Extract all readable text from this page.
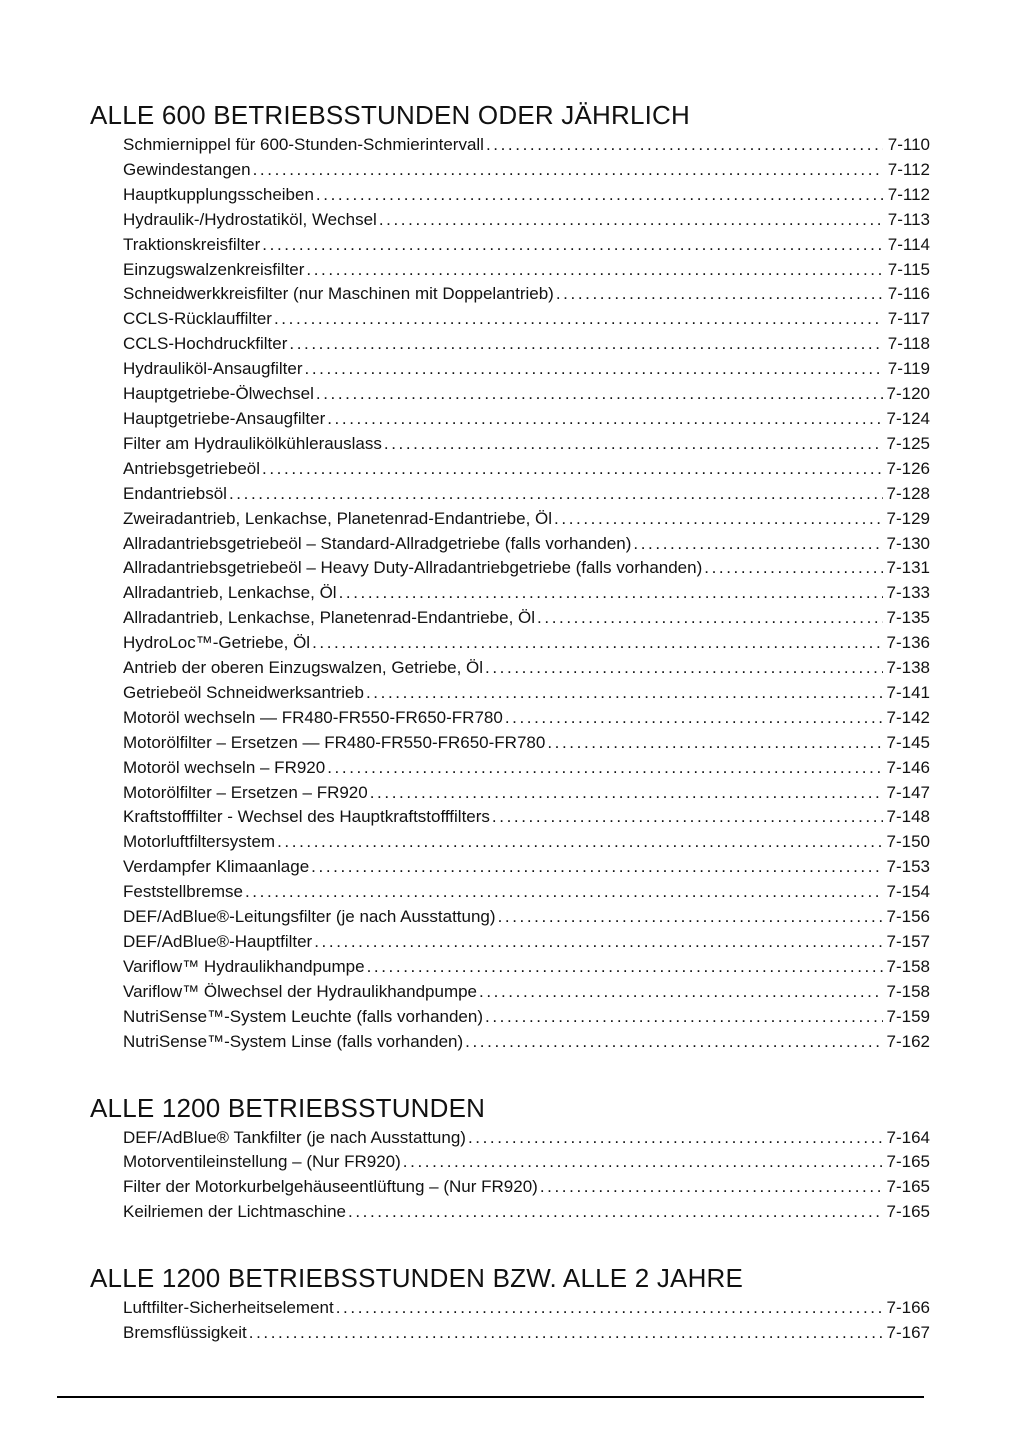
ALLE 600 BETRIEBSSTUNDEN ODER JÄHRLICH
Schmiernippel für 600-Stunden-Schmierintervall .....	7-110
Gewindestangen .....	7-112
Hauptkupplungsscheiben .....	7-112
Hydraulik-/Hydrostatiköl, Wechsel .....	7-113
Traktionskreisfilter .....	7-114
Einzugswalzenkreisfilter .....	7-115
Schneidwerkkreisfilter (nur Maschinen mit Doppelantrieb) .....	7-116
CCLS-Rücklauffilter .....	7-117
CCLS-Hochdruckfilter .....	7-118
Hydrauliköl-Ansaugfilter .....	7-119
Hauptgetriebe-Ölwechsel .....	7-120
Hauptgetriebe-Ansaugfilter .....	7-124
Filter am Hydraulikölkühlerauslass .....	7-125
Antriebsgetriebeöl .....	7-126
Endantriebsöl .....	7-128
Zweiradantrieb, Lenkachse, Planetenrad-Endantriebe, Öl .....	7-129
Allradantriebsgetriebeöl – Standard-Allradgetriebe (falls vorhanden) .....	7-130
Allradantriebsgetriebeöl – Heavy Duty-Allradantriebgetriebe (falls vorhanden) .....	7-131
Allradantrieb, Lenkachse, Öl .....	7-133
Allradantrieb, Lenkachse, Planetenrad-Endantriebe, Öl .....	7-135
HydroLoc™-Getriebe, Öl .....	7-136
Antrieb der oberen Einzugswalzen, Getriebe, Öl .....	7-138
Getriebeöl Schneidwerksantrieb .....	7-141
Motoröl wechseln — FR480-FR550-FR650-FR780 .....	7-142
Motorölfilter – Ersetzen — FR480-FR550-FR650-FR780 .....	7-145
Motoröl wechseln – FR920 .....	7-146
Motorölfilter – Ersetzen – FR920 .....	7-147
Kraftstofffilter - Wechsel des Hauptkraftstofffilters .....	7-148
Motorluftfiltersystem .....	7-150
Verdampfer Klimaanlage .....	7-153
Feststellbremse .....	7-154
DEF/AdBlue®-Leitungsfilter (je nach Ausstattung) .....	7-156
DEF/AdBlue®-Hauptfilter .....	7-157
Variflow™ Hydraulikhandpumpe .....	7-158
Variflow™ Ölwechsel der Hydraulikhandpumpe .....	7-158
NutriSense™-System Leuchte (falls vorhanden) .....	7-159
NutriSense™-System Linse (falls vorhanden) .....	7-162
ALLE 1200 BETRIEBSSTUNDEN
DEF/AdBlue® Tankfilter (je nach Ausstattung) .....	7-164
Motorventileinstellung – (Nur FR920) .....	7-165
Filter der Motorkurbelgehäuseentlüftung – (Nur FR920) .....	7-165
Keilriemen der Lichtmaschine .....	7-165
ALLE 1200 BETRIEBSSTUNDEN BZW. ALLE 2 JAHRE
Luftfilter-Sicherheitselement .....	7-166
Bremsflüssigkeit .....	7-167
